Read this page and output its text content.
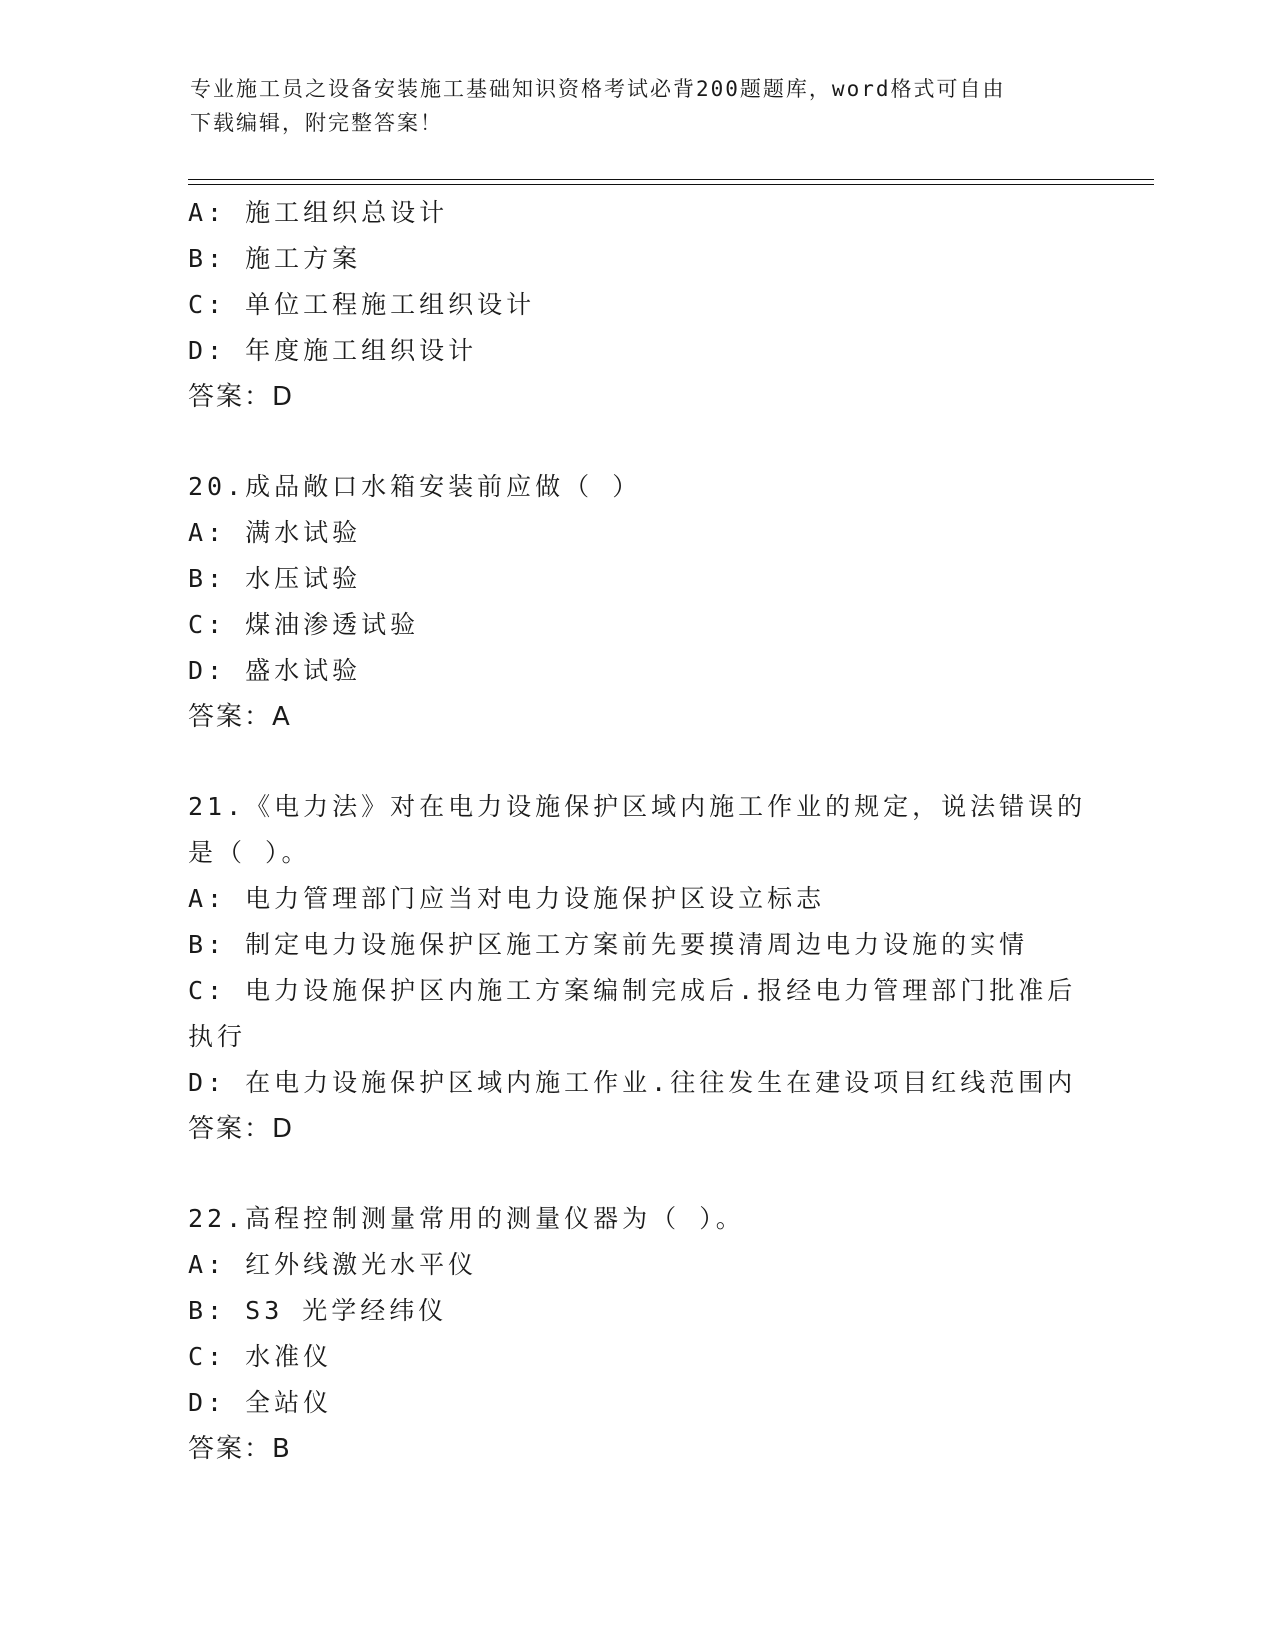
专业施工员之设备安装施工基础知识资格考试必背200题题库，word格式可自由
下载编辑，附完整答案！
A: 施工组织总设计
B: 施工方案
C: 单位工程施工组织设计
D: 年度施工组织设计
答案：D
20.成品敞口水箱安装前应做（ ）
A: 满水试验
B: 水压试验
C: 煤油渗透试验
D: 盛水试验
答案：A
21.《电力法》对在电力设施保护区域内施工作业的规定，说法错误的
是（ ）。
A: 电力管理部门应当对电力设施保护区设立标志
B: 制定电力设施保护区施工方案前先要摸清周边电力设施的实情
C: 电力设施保护区内施工方案编制完成后.报经电力管理部门批准后
执行
D: 在电力设施保护区域内施工作业.往往发生在建设项目红线范围内
答案：D
22.高程控制测量常用的测量仪器为（ ）。
A: 红外线激光水平仪
B: S3 光学经纬仪
C: 水准仪
D: 全站仪
答案：B
